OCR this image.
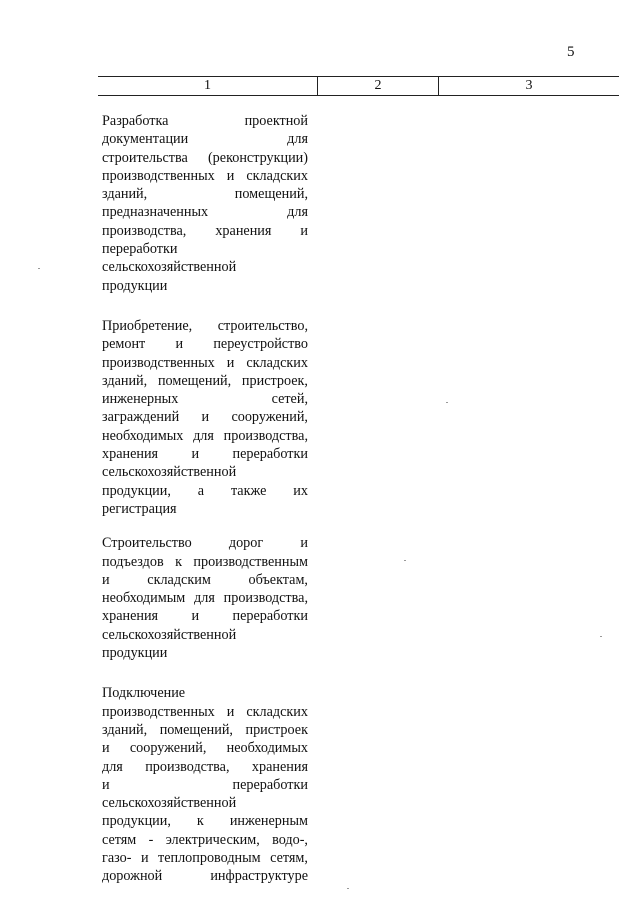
5
1	2	3
Разработка	проектной
документации	для
строительства (реконструкции)
производственных и складских
зданий,	помещений,
предназначенных	для
производства, хранения и
переработки
сельскохозяйственной
продукции
Приобретение, строительство,
ремонт и переустройство
производственных и складских
зданий, помещений, пристроек,
инженерных	сетей,
заграждений и сооружений,
необходимых для производства,
хранения и переработки
сельскохозяйственной
продукции, а также их
регистрация
Строительство	дорог	и
подъездов к производственным
и	складским	объектам,
необходимым для производства,
хранения и переработки
сельскохозяйственной
продукции
Подключение
производственных и складских
зданий, помещений, пристроек
и сооружений, необходимых
для производства, хранения
и	переработки
сельскохозяйственной
продукции, к инженерным
сетям - электрическим, водо-,
газо- и теплопроводным сетям,
дорожной	инфраструктуре
